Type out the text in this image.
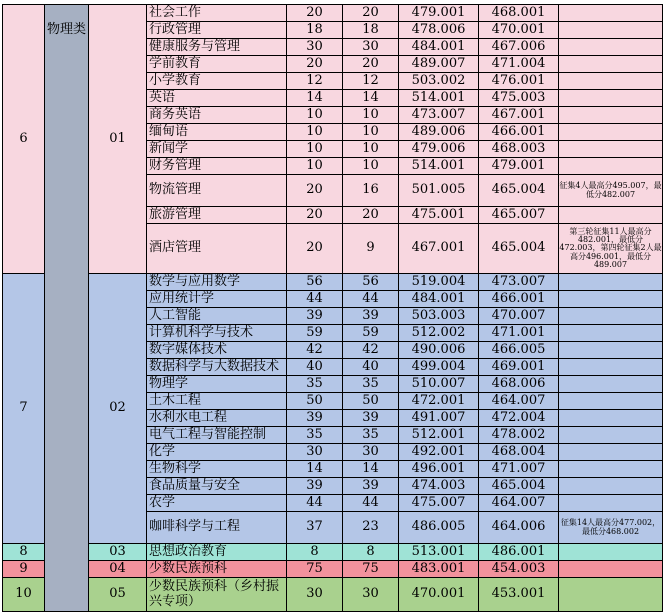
6	物理类	01	社会工作	20	20	479.001	468.001	
			行政管理	18	18	478.006	470.001	
			健康服务与管理	30	30	484.001	467.006	
			学前教育	20	20	489.007	471.004	
			小学教育	12	12	503.002	476.001	
			英语	14	14	514.001	475.003	
			商务英语	10	10	473.007	467.001	
			缅甸语	10	10	489.006	466.001	
			新闻学	10	10	479.006	468.003	
			财务管理	10	10	514.001	479.001	
			物流管理	20	16	501.005	465.004	征集4人最高分495.007，最低分482.007
			旅游管理	20	20	475.001	465.007	
			酒店管理	20	9	467.001	465.004	第三轮征集11人最高分482.001，最低分472.003，第四轮征集2人最高分496.001，最低分489.007
7		02	数学与应用数学	56	56	519.004	473.007	
			应用统计学	44	44	484.001	466.001	
			人工智能	39	39	503.003	470.007	
			计算机科学与技术	59	59	512.002	471.001	
			数字媒体技术	42	42	490.006	466.005	
			数据科学与大数据技术	40	40	499.004	469.001	
			物理学	35	35	510.007	468.006	
			土木工程	50	50	472.001	464.007	
			水利水电工程	39	39	491.007	472.004	
			电气工程与智能控制	35	35	512.001	478.002	
			化学	30	30	492.001	468.004	
			生物科学	14	14	496.001	471.007	
			食品质量与安全	39	39	474.003	465.004	
			农学	44	44	475.007	464.007	
			咖啡科学与工程	37	23	486.005	464.006	征集14人最高分477.002，最低分468.002
8		03	思想政治教育	8	8	513.001	486.001	
9		04	少数民族预科	75	75	483.001	454.003	
10		05	少数民族预科（乡村振兴专项）	30	30	470.001	453.001	
